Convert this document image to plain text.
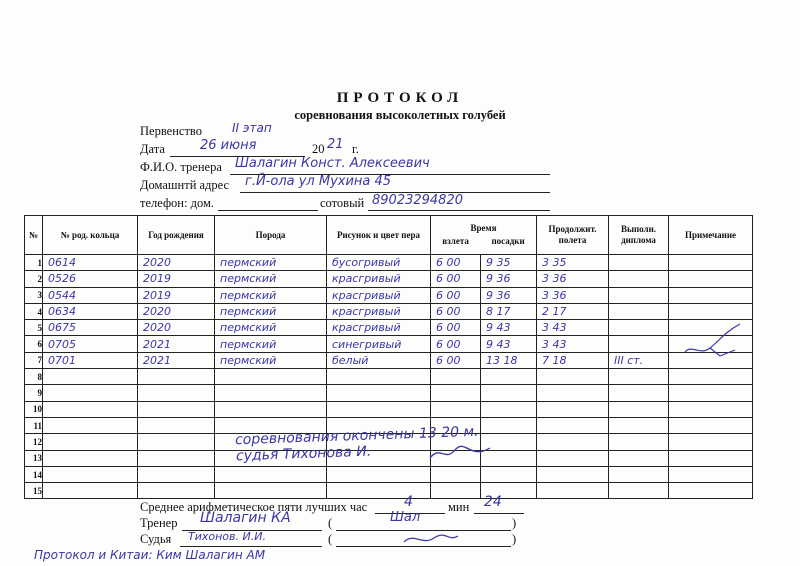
ПРОТОКОЛ
соревнования высоколетных голубей
Первенство	II этап
Дата	26 июня	20 21 г.
Ф.И.О. тренера Шалагин Конст. Алексеевич
Домашнтй адрес г.Й-ола ул Мухина 45
телефон: дом.	сотовый 89023294820
№	№ род. кольца	Год рождения	Порода	Рисунок и цвет пера	Время
взлета посадки		Продолжит. полета	Выполн. диплома	Примечание
1	0614	2020	пермский	бусогривый	6 00	9 35	3 35		
2	0526	2019	пермский	красгривый	6 00	9 36	3 36		
3	0544	2019	пермский	красгривый	6 00	9 36	3 36		
4	0634	2020	пермский	красгривый	6 00	8 17	2 17		
5	0675	2020	пермский	красгривый	6 00	9 43	3 43		
6	0705	2021	пермский	синегривый	6 00	9 43	3 43		
7	0701	2021	пермский	белый	6 00	13 18	7 18	III ст.	
8									
9									
10									
11									
12									
13									
14									
15									
соревнования окончены 13 20 м.
судья Тихонова И.
Среднее арифметическое пяти лучших час	4	мин 24
Тренер Шалагин КА	(	Шал	)
Судья Тихонов. И.И.	(	)
Протокол и Китаи: Ким Шалагин АМ
